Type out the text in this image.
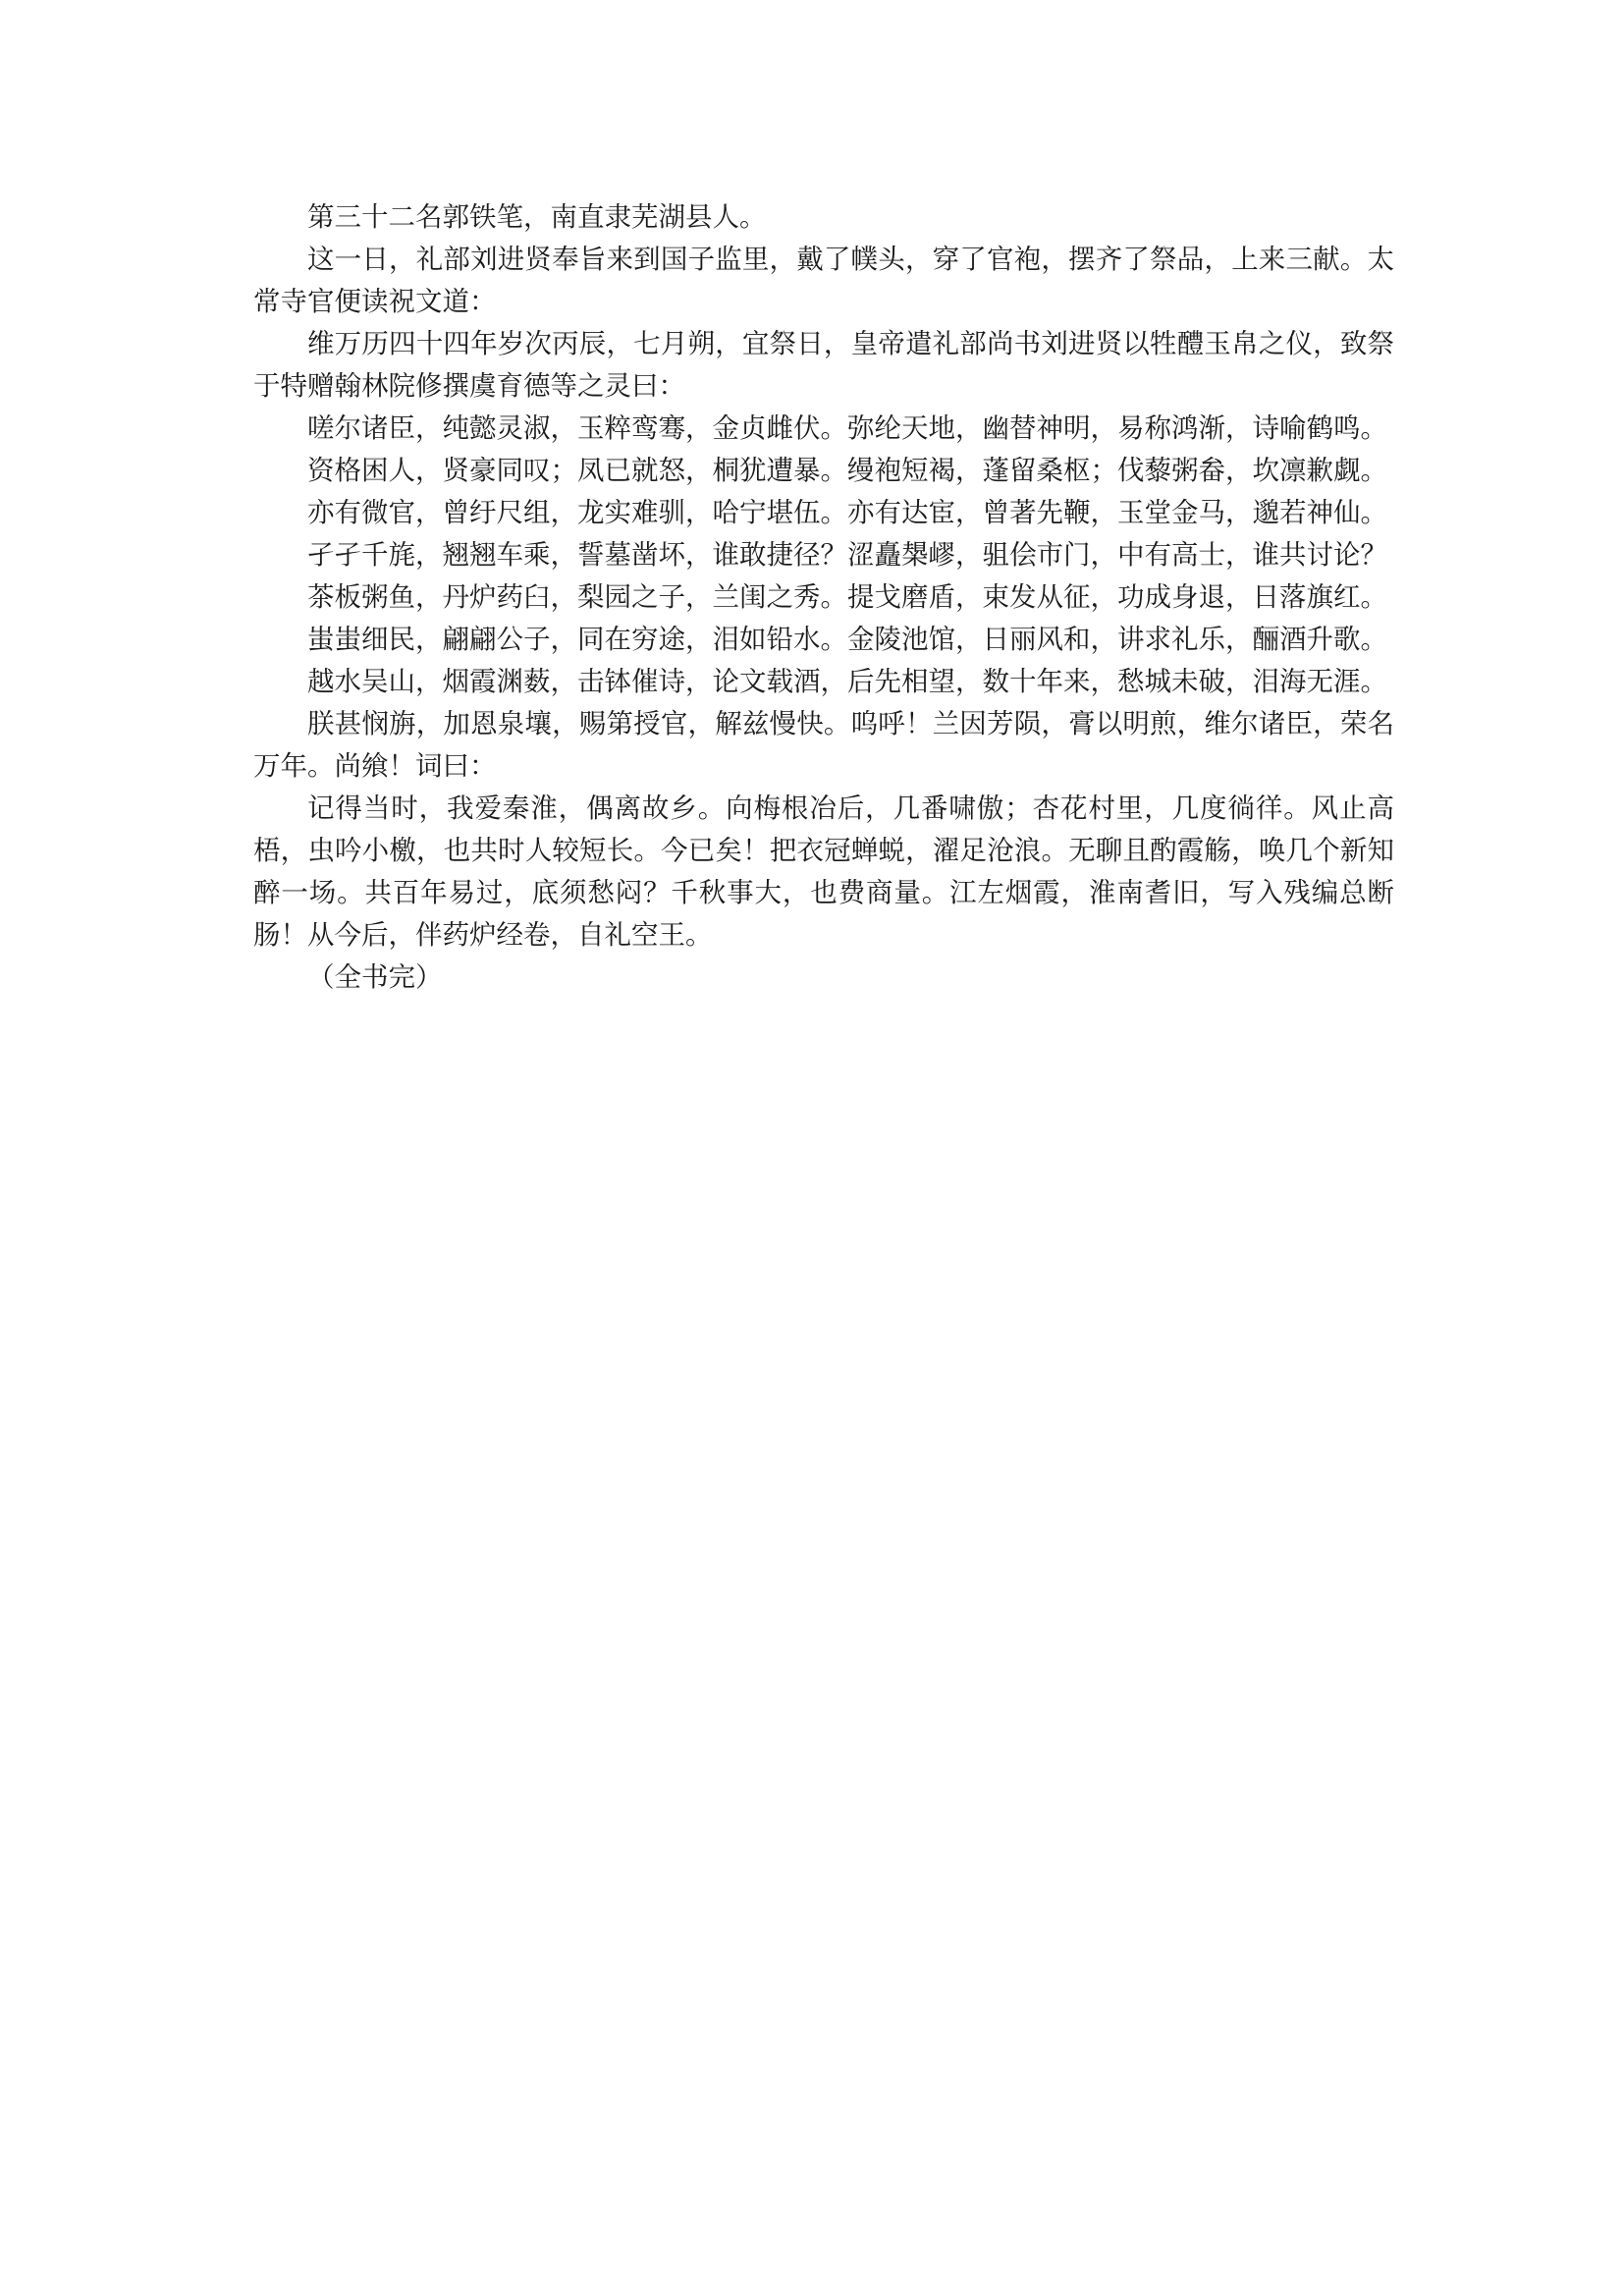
第三十二名郭铁笔，南直隶芜湖县人。

这一日，礼部刘进贤奉旨来到国子监里，戴了幞头，穿了官袍，摆齐了祭品，上来三献。太常寺官便读祝文道：

维万历四十四年岁次丙辰，七月朔，宜祭日，皇帝遣礼部尚书刘进贤以牲醴玉帛之仪，致祭于特赠翰林院修撰虞育德等之灵曰：

嗟尔诸臣，纯懿灵淑，玉粹鸾骞，金贞雌伏。弥纶天地，幽替神明，易称鸿渐，诗喻鹤鸣。

资格困人，贤豪同叹；凤已就怒，桐犹遭暴。缦袍短褐，蓬留桑枢；伐藜粥畚，坎凛歉觑。

亦有微官，曾纡尺组，龙实难驯，哈宁堪伍。亦有达宦，曾著先鞭，玉堂金马，邈若神仙。

孑孑千旄，翘翘车乘，誓墓凿坏，谁敢捷径？涩矗槼嵺，驵侩市门，中有高士，谁共讨论？

茶板粥鱼，丹炉药臼，梨园之子，兰闺之秀。提戈磨盾，束发从征，功成身退，日落旗红。

蚩蚩细民，翩翩公子，同在穷途，泪如铅水。金陵池馆，日丽风和，讲求礼乐，酾酒升歌。

越水吴山，烟霞渊薮，击钵催诗，论文载酒，后先相望，数十年来，愁城未破，泪海无涯。

朕甚悯旃，加恩泉壤，赐第授官，解兹慢快。呜呼！兰因芳陨，膏以明煎，维尔诸臣，荣名万年。尚飨！词曰：

记得当时，我爱秦淮，偶离故乡。向梅根冶后，几番啸傲；杏花村里，几度徜徉。风止高梧，虫吟小檄，也共时人较短长。今已矣！把衣冠蝉蜕，濯足沧浪。无聊且酌霞觞，唤几个新知醉一场。共百年易过，底须愁闷？千秋事大，也费商量。江左烟霞，淮南耆旧，写入残编总断肠！从今后，伴药炉经卷，自礼空王。

（全书完）
